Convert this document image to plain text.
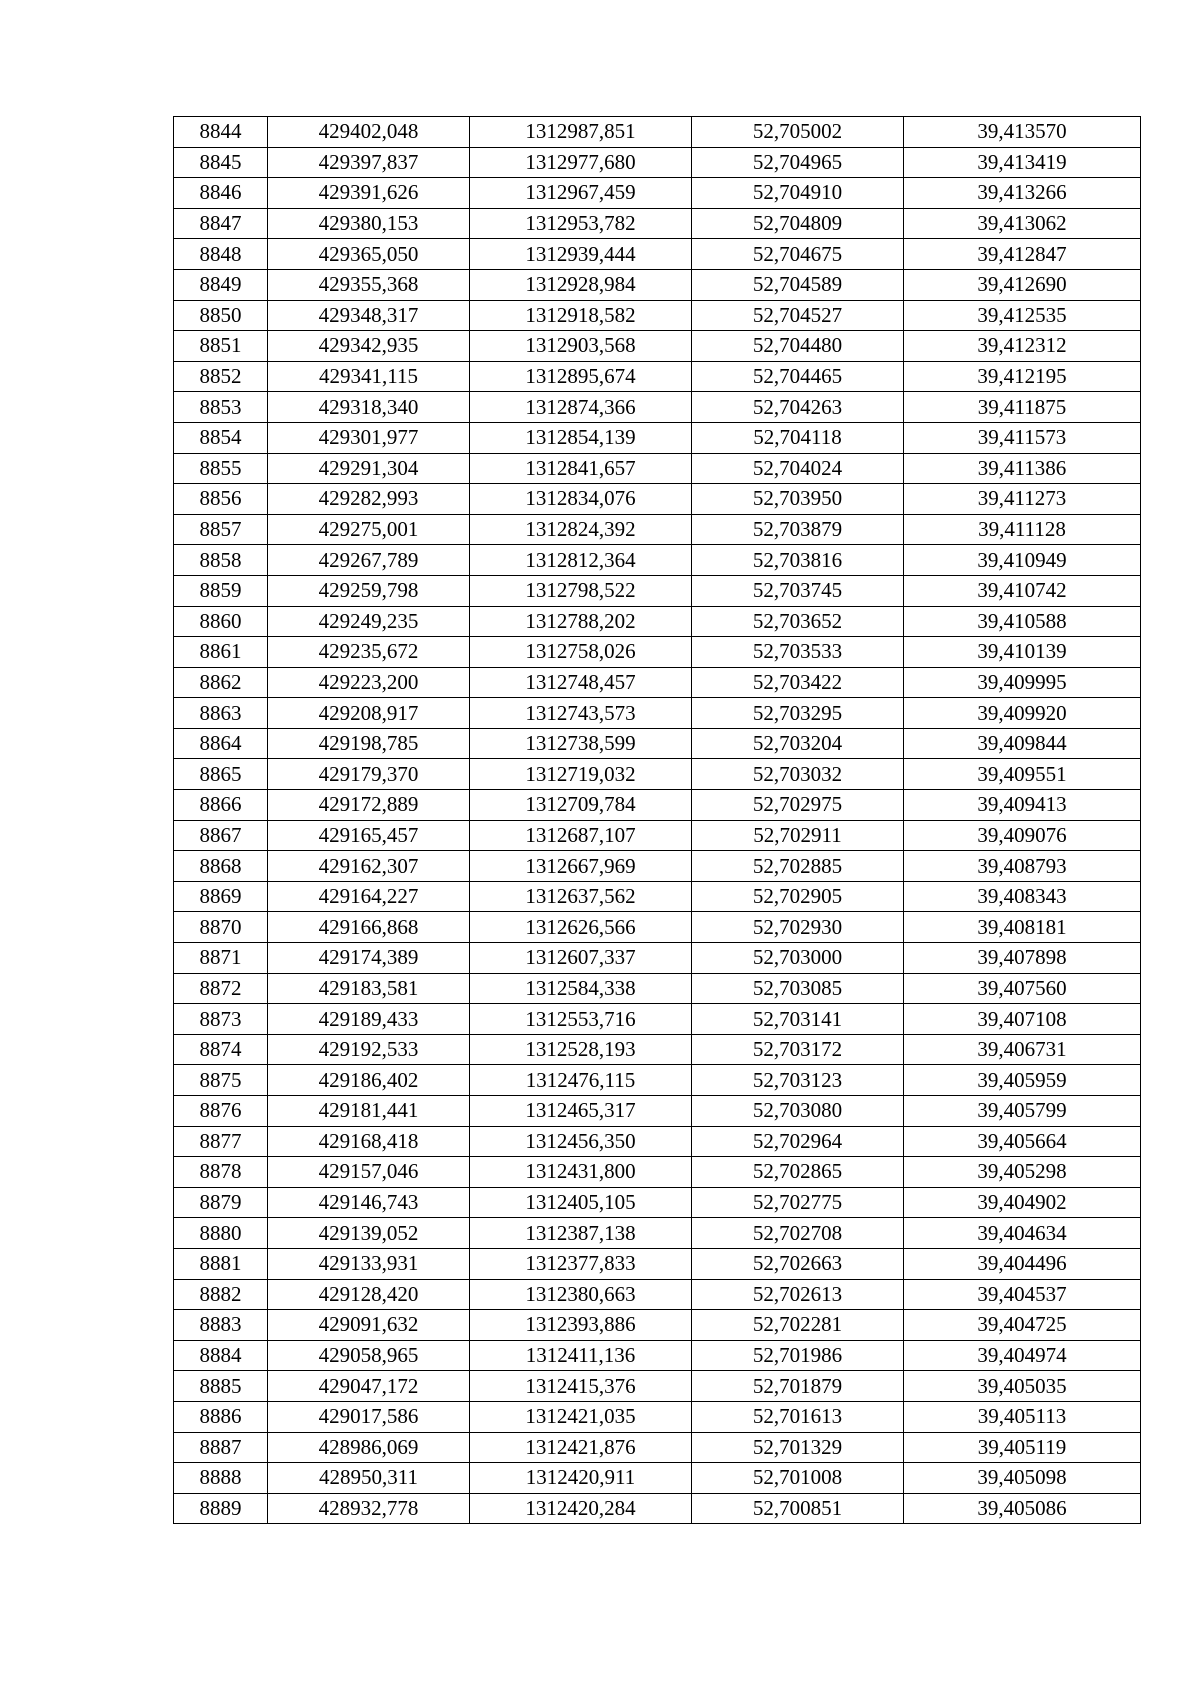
8844	429402,048	1312987,851	52,705002	39,413570
8845	429397,837	1312977,680	52,704965	39,413419
8846	429391,626	1312967,459	52,704910	39,413266
8847	429380,153	1312953,782	52,704809	39,413062
8848	429365,050	1312939,444	52,704675	39,412847
8849	429355,368	1312928,984	52,704589	39,412690
8850	429348,317	1312918,582	52,704527	39,412535
8851	429342,935	1312903,568	52,704480	39,412312
8852	429341,115	1312895,674	52,704465	39,412195
8853	429318,340	1312874,366	52,704263	39,411875
8854	429301,977	1312854,139	52,704118	39,411573
8855	429291,304	1312841,657	52,704024	39,411386
8856	429282,993	1312834,076	52,703950	39,411273
8857	429275,001	1312824,392	52,703879	39,411128
8858	429267,789	1312812,364	52,703816	39,410949
8859	429259,798	1312798,522	52,703745	39,410742
8860	429249,235	1312788,202	52,703652	39,410588
8861	429235,672	1312758,026	52,703533	39,410139
8862	429223,200	1312748,457	52,703422	39,409995
8863	429208,917	1312743,573	52,703295	39,409920
8864	429198,785	1312738,599	52,703204	39,409844
8865	429179,370	1312719,032	52,703032	39,409551
8866	429172,889	1312709,784	52,702975	39,409413
8867	429165,457	1312687,107	52,702911	39,409076
8868	429162,307	1312667,969	52,702885	39,408793
8869	429164,227	1312637,562	52,702905	39,408343
8870	429166,868	1312626,566	52,702930	39,408181
8871	429174,389	1312607,337	52,703000	39,407898
8872	429183,581	1312584,338	52,703085	39,407560
8873	429189,433	1312553,716	52,703141	39,407108
8874	429192,533	1312528,193	52,703172	39,406731
8875	429186,402	1312476,115	52,703123	39,405959
8876	429181,441	1312465,317	52,703080	39,405799
8877	429168,418	1312456,350	52,702964	39,405664
8878	429157,046	1312431,800	52,702865	39,405298
8879	429146,743	1312405,105	52,702775	39,404902
8880	429139,052	1312387,138	52,702708	39,404634
8881	429133,931	1312377,833	52,702663	39,404496
8882	429128,420	1312380,663	52,702613	39,404537
8883	429091,632	1312393,886	52,702281	39,404725
8884	429058,965	1312411,136	52,701986	39,404974
8885	429047,172	1312415,376	52,701879	39,405035
8886	429017,586	1312421,035	52,701613	39,405113
8887	428986,069	1312421,876	52,701329	39,405119
8888	428950,311	1312420,911	52,701008	39,405098
8889	428932,778	1312420,284	52,700851	39,405086
